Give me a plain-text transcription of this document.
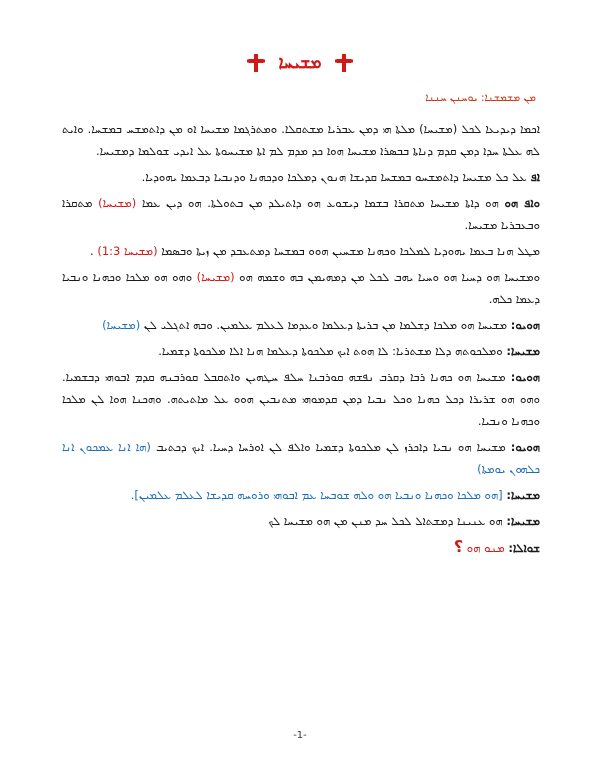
ܡܫܝܚܐ
ܡܢ ܡܫܡܫܢܐ: ܝܘܚܢܢ ܚܢܢܐ

ܐܟܡܐ ܕܝܕܝܥܐ ܠܟܠ (ܡܫܝܚܐ) ܡܠܬܐ ܗܝ ܕܡܢ ܥܒܪܝܐ ܡܫܬܩܠܐ. ܘܡܬܪܓܡܐ ܡܫܝܚܐ ܐܘ ܡܢ ܕܐܬܡܫܚ ܒܡܫܚܐ. ܘܐܝܬ ܠܗ ܥܠܬܐ ܚܕܐ ܕܡܢ ܩܕܡ ܕܢܐܬܐ ܒܒܣܪܐ ܡܫܝܚܐ ܗܘܐ ܟܕ ܡܕܡ ܠܡ ܐܬܐ ܡܫܝܚܘܬܐ ܥܠ ܐܝܕܝ ܫܘܠܡܐ ܕܡܫܝܚܐ.

ܐܦ ܥܠ ܟܠ ܡܫܝܚܐ ܕܐܬܡܫܚܘ ܒܡܫܚܐ ܩܕܝܫܐ ܗܢܘܢ ܕܡܠܟܐ ܘܕܟܗܢܐ ܘܕܢܒܝܐ ܕܒܥܡܐ ܝܗܘܕܝܐ.

ܘܐܦ ܗܘ ܗܘ ܕܐܬܐ ܡܫܝܚܐ ܡܬܩܪܐ ܒܫܡܐ ܕܝܫܘܥ ܗܘ ܕܐܬܝܠܕ ܡܢ ܒܬܘܠܬܐ. ܗܘ ܕܝܢ ܥܡܐ (ܡܫܝܚܐ) ܡܬܩܪܐ ܘܒܥܒܪܝܐ ܡܫܝܚܐ.

ܡܛܠ ܗܢܐ ܒܥܡܐ ܝܗܘܕܝܐ ܠܡܠܟܐ ܘܟܗܢܐ ܡܫܚܝܢ ܗܘܘ ܒܡܫܚܐ ܕܡܬܥܒܕ ܡܢ ܙܝܬܐ ܘܒܣܡܐ (ܡܫܝܚܐ 1:3) .

ܘܡܫܝܚܐ ܗܘ ܕܚܝܐ ܗܘ ܘܚܝܐ ܝܗܒ ܠܟܠ ܡܢ ܕܡܗܝܡܢ ܒܗ ܘܫܡܗ ܗܘ (ܡܫܝܚܐ) ܘܗܘ ܗܘ ܡܠܟܐ ܘܟܗܢܐ ܘܢܒܝܐ ܕܥܡܐ ܟܠܗ.

ܗܘܝܘ: ܡܫܝܚܐ ܗܘ ܡܠܟܐ ܕܫܠܡܐ ܡܢ ܒܪܝܬܐ ܕܥܠܡܐ ܘܥܕܡܐ ܠܥܠܡ ܥܠܡܝܢ. ܘܒܗ ܐܬܓܠܝ ܠܢ (ܡܫܝܚܐ)

ܡܫܝܚܐ: ܘܡܠܟܘܬܗ ܕܠܐ ܡܫܬܪܝܐ: ܠܐ ܗܘܬ ܐܝܟ ܡܠܟܘܬܐ ܕܥܠܡܐ ܗܢܐ ܐܠܐ ܡܠܟܘܬܐ ܕܫܡܝܐ.

ܗܘܝܘ: ܡܫܝܚܐ ܗܘ ܟܗܢܐ ܪܒܐ ܕܩܪܒ ܢܦܫܗ ܩܘܪܒܢܐ ܚܠܦ ܚܛܗܝܢ ܘܐܬܩܒܠ ܩܘܪܒܢܗ ܩܕܡ ܐܒܘܗܝ ܕܒܫܡܝܐ. ܘܗܘ ܗܘ ܫܪܝܪܐ ܕܟܠ ܟܗܢܐ ܘܟܠ ܢܒܝܐ ܕܡܢ ܩܕܡܘܗܝ ܡܬܢܒܝܢ ܗܘܘ ܥܠ ܡܐܬܝܬܗ. ܘܗܟܢܐ ܗܘܐ ܠܢ ܡܠܟܐ ܘܟܗܢܐ ܘܢܒܝܐ.

ܗܘܝܘ: ܡܫܝܚܐ ܗܘ ܢܒܝܐ ܕܐܟܪܙ ܠܢ ܡܠܟܘܬܐ ܕܫܡܝܐ ܘܐܠܦ ܠܢ ܐܘܪܚܐ ܕܚܝܐ. ܐܝܟ ܕܟܬܝܒ (ܗܐ ܐܢܐ ܥܡܟܘܢ ܐܢܐ ܟܠܗܘܢ ܝܘܡܬܐ)

ܡܫܝܚܐ: [ܗܘ ܡܠܟܐ ܘܟܗܢܐ ܘܢܒܝܐ ܗܘ ܘܠܗ ܫܘܒܚܐ ܥܡ ܐܒܘܗܝ ܘܪܘܚܗ ܩܕܝܫܐ ܠܥܠܡ ܥܠܡܝܢ].

ܡܫܝܚܐ: ܗܘ ܥܢܝܢܐ ܕܡܫܬܐܠ ܠܟܠ ܚܕ ܡܢܢ ܡܢ ܗܘ ܡܫܝܚܐ ܠܟ

ܫܘܐܠܐ: ܡܢܘ ܗܘ ؟

-1-
